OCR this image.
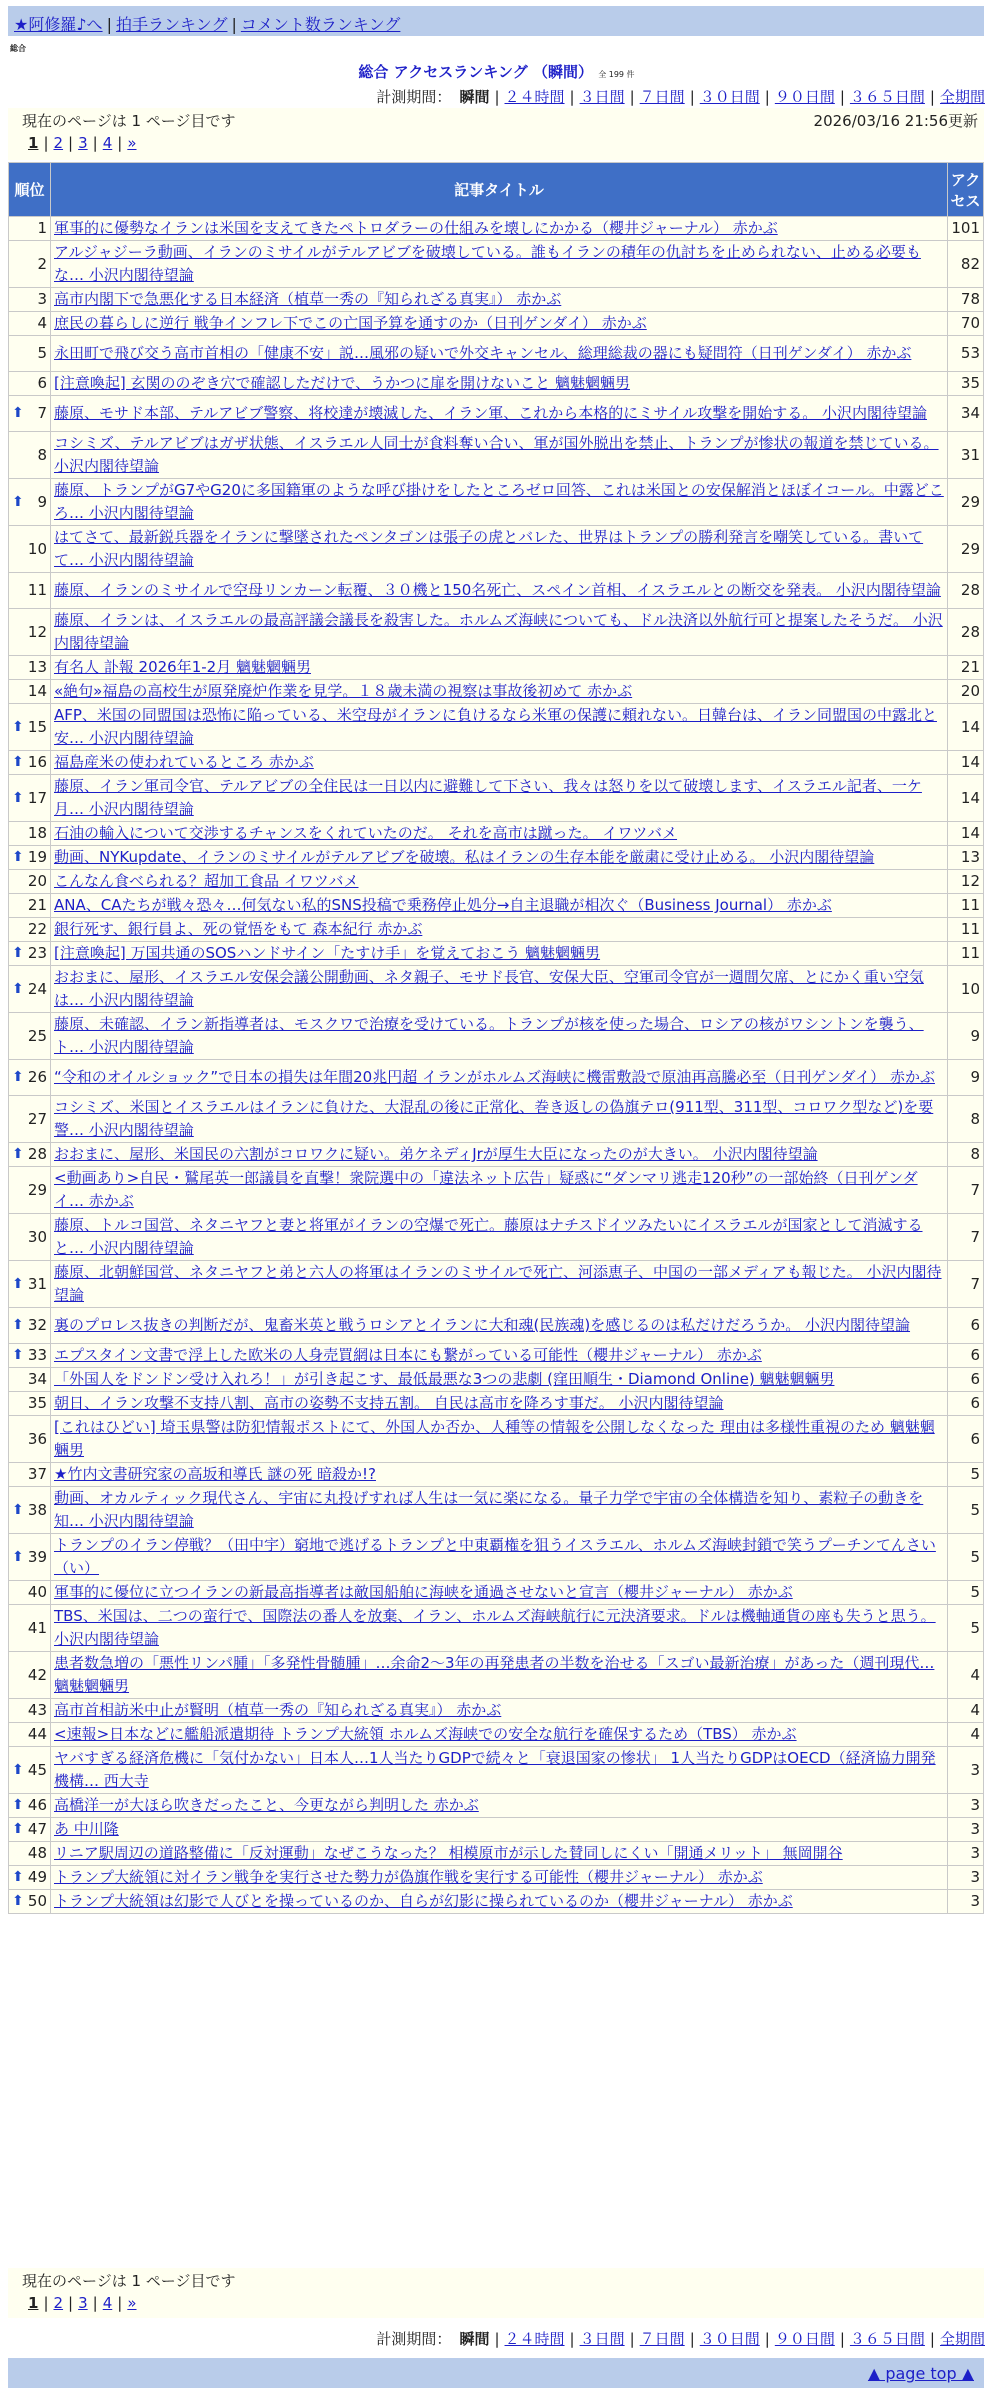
★阿修羅♪へ | 拍手ランキング | コメント数ランキング
総合
総合 アクセスランキング （瞬間） 全 199 件
計測期間： 瞬間 | ２４時間 | ３日間 | ７日間 | ３０日間 | ９０日間 | ３６５日間 | 全期間
現在のページは 1 ページ目です	2026/03/16 21:56更新
1 | 2 | 3 | 4 | »
順位	記事タイトル	アクセス
1	軍事的に優勢なイランは米国を支えてきたペトロダラーの仕組みを壊しにかかる（櫻井ジャーナル） 赤かぶ	101
2	アルジャジーラ動画、イランのミサイルがテルアビブを破壊している。誰もイランの積年の仇討ちを止められない、止める必要もな… 小沢内閣待望論	82
3	高市内閣下で急悪化する日本経済（植草一秀の『知られざる真実』） 赤かぶ	78
4	庶民の暮らしに逆行 戦争インフレ下でこの亡国予算を通すのか（日刊ゲンダイ） 赤かぶ	70
5	永田町で飛び交う高市首相の「健康不安」説…風邪の疑いで外交キャンセル、総理総裁の器にも疑問符（日刊ゲンダイ） 赤かぶ	53
6	[注意喚起] 玄関ののぞき穴で確認しただけで、うかつに扉を開けないこと 魑魅魍魎男	35

⬆ 7	藤原、モサド本部、テルアビブ警察、将校達が壊滅した、イラン軍、これから本格的にミサイル攻撃を開始する。 小沢内閣待望論	34
8	コシミズ、テルアビブはガザ状態、イスラエル人同士が食料奪い合い、軍が国外脱出を禁止、トランプが惨状の報道を禁じている。 小沢内閣待望論	31

⬆ 9	藤原、トランプがG7やG20に多国籍軍のような呼び掛けをしたところゼロ回答、これは米国との安保解消とほぼイコール。中露どころ… 小沢内閣待望論	29
10	はてさて、最新鋭兵器をイランに撃墜されたペンタゴンは張子の虎とバレた、世界はトランプの勝利発言を嘲笑している。書いてて… 小沢内閣待望論	29
11	藤原、イランのミサイルで空母リンカーン転覆、３０機と150名死亡、スペイン首相、イスラエルとの断交を発表。 小沢内閣待望論	28
12	藤原、イランは、イスラエルの最高評議会議長を殺害した。ホルムズ海峡についても、ドル決済以外航行可と提案したそうだ。 小沢内閣待望論	28
13	有名人 訃報 2026年1-2月 魑魅魍魎男	21
14	«絶句»福島の高校生が原発廃炉作業を見学。１８歳未満の視察は事故後初めて 赤かぶ	20

⬆ 15	AFP、米国の同盟国は恐怖に陥っている、米空母がイランに負けるなら米軍の保護に頼れない。日韓台は、イラン同盟国の中露北と安… 小沢内閣待望論	14

⬆ 16	福島産米の使われているところ 赤かぶ	14

⬆ 17	藤原、イラン軍司令官、テルアビブの全住民は一日以内に避難して下さい、我々は怒りを以て破壊します、イスラエル記者、一ケ月… 小沢内閣待望論	14
18	石油の輸入について交渉するチャンスをくれていたのだ。 それを高市は蹴った。 イワツバメ	14

⬆ 19	動画、NYKupdate、イランのミサイルがテルアビブを破壊。私はイランの生存本能を厳粛に受け止める。 小沢内閣待望論	13
20	こんなん食べられる？超加工食品 イワツバメ	12
21	ANA、CAたちが戦々恐々…何気ない私的SNS投稿で乗務停止処分→自主退職が相次ぐ（Business Journal） 赤かぶ	11
22	銀行死す、銀行員よ、死の覚悟をもて 森本紀行 赤かぶ	11

⬆ 23	[注意喚起] 万国共通のSOSハンドサイン「たすけ手」を覚えておこう 魑魅魍魎男	11

⬆ 24	おおまに、屋形、イスラエル安保会議公開動画、ネタ親子、モサド長官、安保大臣、空軍司令官が一週間欠席、とにかく重い空気は… 小沢内閣待望論	10
25	藤原、未確認、イラン新指導者は、モスクワで治療を受けている。トランプが核を使った場合、ロシアの核がワシントンを襲う、ト… 小沢内閣待望論	9

⬆ 26	“令和のオイルショック”で日本の損失は年間20兆円超 イランがホルムズ海峡に機雷敷設で原油再高騰必至（日刊ゲンダイ） 赤かぶ	9
27	コシミズ、米国とイスラエルはイランに負けた、大混乱の後に正常化、巻き返しの偽旗テロ(911型、311型、コロワク型など)を要警… 小沢内閣待望論	8

⬆ 28	おおまに、屋形、米国民の六割がコロワクに疑い。弟ケネディJrが厚生大臣になったのが大きい。 小沢内閣待望論	8
29	<動画あり>自民・鷲尾英一郎議員を直撃！衆院選中の「違法ネット広告」疑惑に“ダンマリ逃走120秒”の一部始終（日刊ゲンダイ… 赤かぶ	7
30	藤原、トルコ国営、ネタニヤフと妻と将軍がイランの空爆で死亡。藤原はナチスドイツみたいにイスラエルが国家として消滅すると… 小沢内閣待望論	7

⬆ 31	藤原、北朝鮮国営、ネタニヤフと弟と六人の将軍はイランのミサイルで死亡、河添恵子、中国の一部メディアも報じた。 小沢内閣待望論	7

⬆ 32	裏のプロレス抜きの判断だが、鬼畜米英と戦うロシアとイランに大和魂(民族魂)を感じるのは私だけだろうか。 小沢内閣待望論	6

⬆ 33	エプスタイン文書で浮上した欧米の人身売買網は日本にも繋がっている可能性（櫻井ジャーナル） 赤かぶ	6
34	「外国人をドンドン受け入れろ！」が引き起こす、最低最悪な3つの悲劇 (窪田順生・Diamond Online) 魑魅魍魎男	6
35	朝日、イラン攻撃不支持八割、高市の姿勢不支持五割。 自民は高市を降ろす事だ。 小沢内閣待望論	6
36	[これはひどい] 埼玉県警は防犯情報ポストにて、外国人か否か、人種等の情報を公開しなくなった 理由は多様性重視のため 魑魅魍魎男	6
37	★竹内文書研究家の高坂和導氏 謎の死 暗殺か!?	5

⬆ 38	動画、オカルティック現代さん、宇宙に丸投げすれば人生は一気に楽になる。量子力学で宇宙の全体構造を知り、素粒子の動きを知… 小沢内閣待望論	5

⬆ 39	トランプのイラン停戦？（田中宇）窮地で逃げるトランプと中東覇権を狙うイスラエル、ホルムズ海峡封鎖で笑うプーチンてんさい（い）	5
40	軍事的に優位に立つイランの新最高指導者は敵国船舶に海峡を通過させないと宣言（櫻井ジャーナル） 赤かぶ	5
41	TBS、米国は、二つの蛮行で、国際法の番人を放棄、イラン、ホルムズ海峡航行に元決済要求。ドルは機軸通貨の座も失うと思う。 小沢内閣待望論	5
42	患者数急増の「悪性リンパ腫」「多発性骨髄腫」…余命2〜3年の再発患者の半数を治せる「スゴい最新治療」があった（週刊現代… 魑魅魍魎男	4
43	高市首相訪米中止が賢明（植草一秀の『知られざる真実』） 赤かぶ	4
44	<速報>日本などに艦船派遣期待 トランプ大統領 ホルムズ海峡での安全な航行を確保するため（TBS） 赤かぶ	4

⬆ 45	ヤバすぎる経済危機に「気付かない」日本人…1人当たりGDPで続々と「衰退国家の惨状」 1人当たりGDPはOECD（経済協力開発機構… 西大寺	3

⬆ 46	高橋洋一が大ほら吹きだったこと、今更ながら判明した 赤かぶ	3

⬆ 47	あ 中川隆	3
48	リニア駅周辺の道路整備に「反対運動」なぜこうなった？ 相模原市が示した賛同しにくい「開通メリット」 無岡開谷	3

⬆ 49	トランプ大統領に対イラン戦争を実行させた勢力が偽旗作戦を実行する可能性（櫻井ジャーナル） 赤かぶ	3

⬆ 50	トランプ大統領は幻影で人びとを操っているのか、自らが幻影に操られているのか（櫻井ジャーナル） 赤かぶ	3
現在のページは 1 ページ目です
1 | 2 | 3 | 4 | »
計測期間： 瞬間 | ２４時間 | ３日間 | ７日間 | ３０日間 | ９０日間 | ３６５日間 | 全期間
▲ page top ▲
